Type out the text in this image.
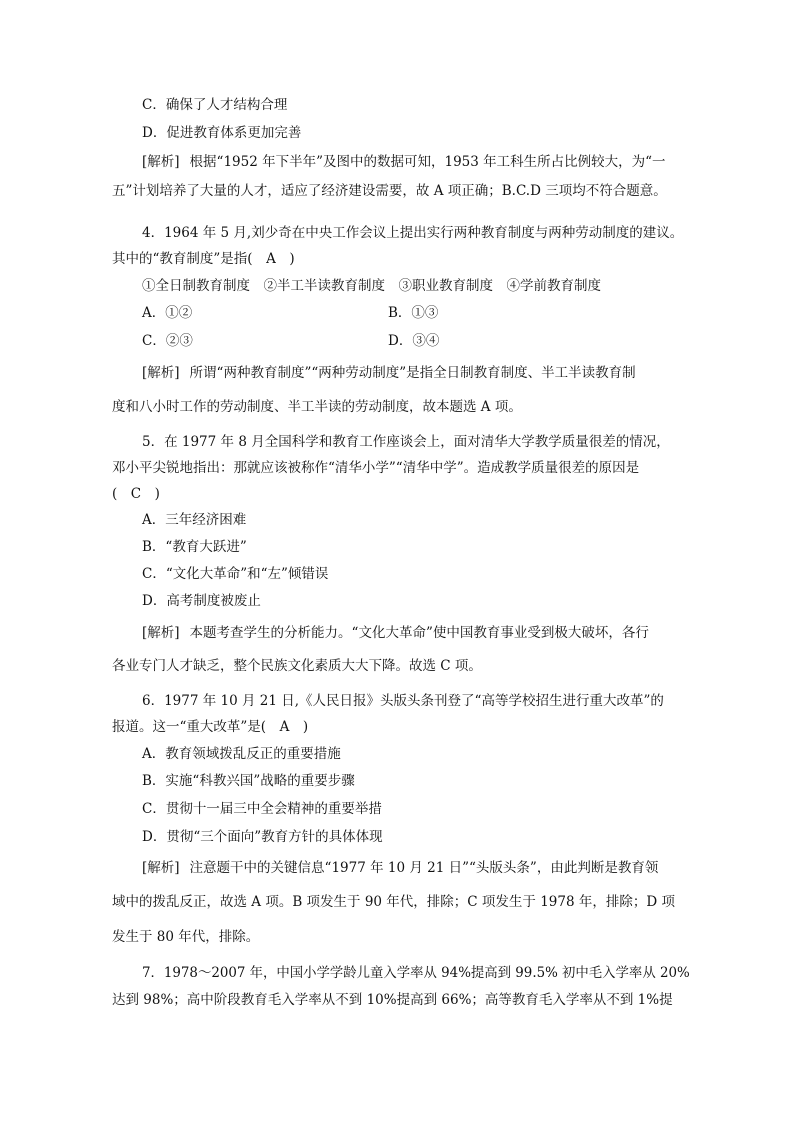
C．确保了人才结构合理
D．促进教育体系更加完善
[解析] 根据“1952 年下半年”及图中的数据可知，1953 年工科生所占比例较大，为“一
五”计划培养了大量的人才，适应了经济建设需要，故 A 项正确；B.C.D 三项均不符合题意。
4．1964 年 5 月,刘少奇在中央工作会议上提出实行两种教育制度与两种劳动制度的建议。
其中的“教育制度”是指(　A　)
①全日制教育制度　②半工半读教育制度　③职业教育制度　④学前教育制度
A．①②	B．①③
C．②③	D．③④
[解析] 所谓“两种教育制度”“两种劳动制度”是指全日制教育制度、半工半读教育制
度和八小时工作的劳动制度、半工半读的劳动制度，故本题选 A 项。
5．在 1977 年 8 月全国科学和教育工作座谈会上，面对清华大学教学质量很差的情况，
邓小平尖锐地指出：那就应该被称作“清华小学”“清华中学”。造成教学质量很差的原因是
(　C　)
A．三年经济困难
B．“教育大跃进”
C．“文化大革命”和“左”倾错误
D．高考制度被废止
[解析] 本题考查学生的分析能力。“文化大革命”使中国教育事业受到极大破坏，各行
各业专门人才缺乏，整个民族文化素质大大下降。故选 C 项。
6．1977 年 10 月 21 日,《人民日报》头版头条刊登了“高等学校招生进行重大改革”的
报道。这一“重大改革”是(　A　)
A．教育领域拨乱反正的重要措施
B．实施“科教兴国”战略的重要步骤
C．贯彻十一届三中全会精神的重要举措
D．贯彻“三个面向”教育方针的具体体现
[解析] 注意题干中的关键信息“1977 年 10 月 21 日”“头版头条”，由此判断是教育领
域中的拨乱反正，故选 A 项。B 项发生于 90 年代，排除；C 项发生于 1978 年，排除；D 项
发生于 80 年代，排除。
7．1978～2007 年，中国小学学龄儿童入学率从 94%提高到 99.5% 初中毛入学率从 20%
达到 98%；高中阶段教育毛入学率从不到 10%提高到 66%；高等教育毛入学率从不到 1%提
